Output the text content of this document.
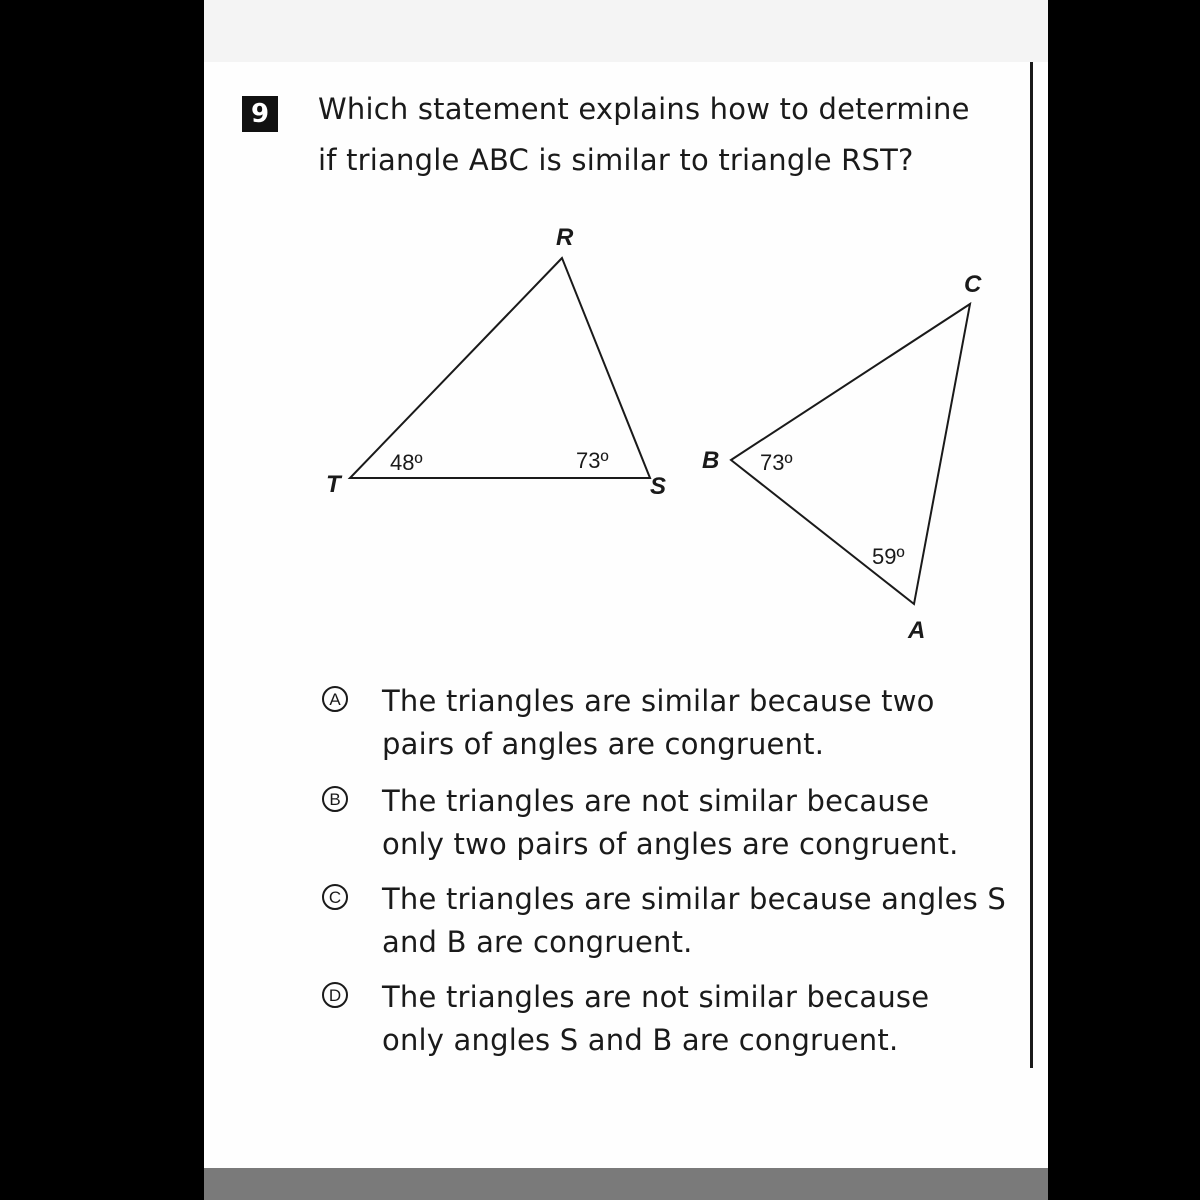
9	Which statement explains how to determine
if triangle ABC is similar to triangle RST?
R
T	S
48º	73º
C
B
A
73º
59º
A The triangles are similar because two
pairs of angles are congruent.
B The triangles are not similar because
only two pairs of angles are congruent.
C The triangles are similar because angles S
and B are congruent.
D The triangles are not similar because
only angles S and B are congruent.
